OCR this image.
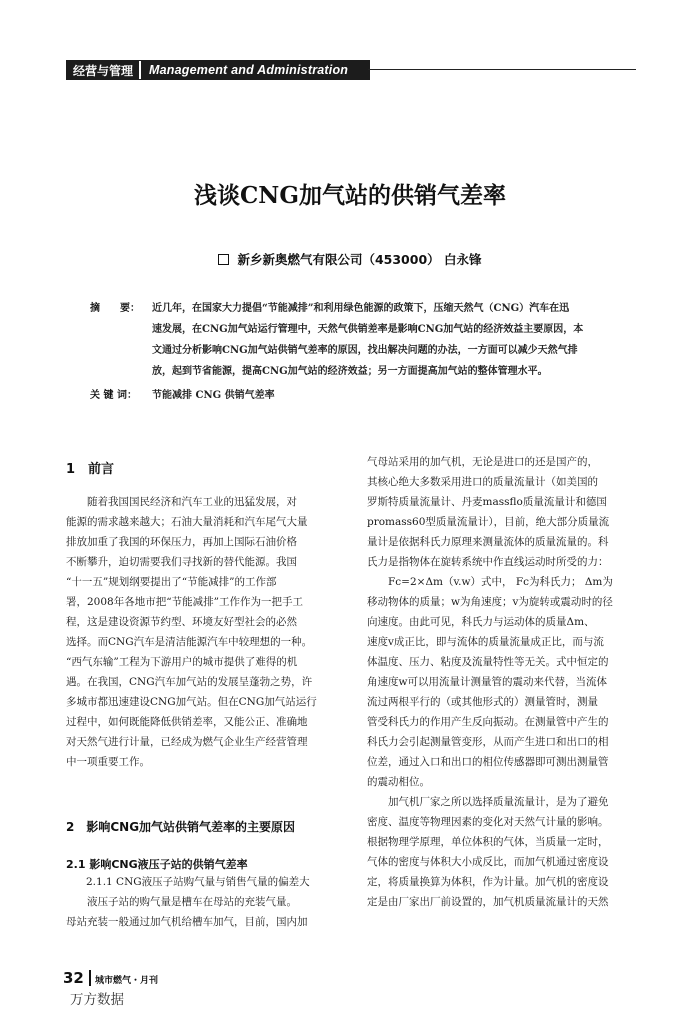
经营与管理	Management and Administration
浅谈CNG加气站的供销气差率
新乡新奥燃气有限公司（453000） 白永锋
摘　　要： 近几年，在国家大力提倡“节能减排”和利用绿色能源的政策下，压缩天然气（CNG）汽车在迅
速发展，在CNG加气站运行管理中，天然气供销差率是影响CNG加气站的经济效益主要原因，本
文通过分析影响CNG加气站供销气差率的原因，找出解决问题的办法，一方面可以减少天然气排
放，起到节省能源，提高CNG加气站的经济效益；另一方面提高加气站的整体管理水平。
关 键 词： 节能减排 CNG 供销气差率
1　前言
　　随着我国国民经济和汽车工业的迅猛发展，对
能源的需求越来越大；石油大量消耗和汽车尾气大量
排放加重了我国的环保压力，再加上国际石油价格
不断攀升，迫切需要我们寻找新的替代能源。我国
“十一五”规划纲要提出了“节能减排”的工作部
署，2008年各地市把“节能减排”工作作为一把手工
程，这是建设资源节约型、环境友好型社会的必然
选择。而CNG汽车是清洁能源汽车中较理想的一种。
“西气东输”工程为下游用户的城市提供了难得的机
遇。在我国，CNG汽车加气站的发展呈蓬勃之势，许
多城市都迅速建设CNG加气站。但在CNG加气站运行
过程中，如何既能降低供销差率，又能公正、准确地
对天然气进行计量，已经成为燃气企业生产经营管理
中一项重要工作。
2　影响CNG加气站供销气差率的主要原因
2.1 影响CNG液压子站的供销气差率
2.1.1 CNG液压子站购气量与销售气量的偏差大
　　液压子站的购气量是槽车在母站的充装气量。
母站充装一般通过加气机给槽车加气，目前，国内加
气母站采用的加气机，无论是进口的还是国产的，
其核心绝大多数采用进口的质量流量计（如美国的
罗斯特质量流量计、丹麦massflo质量流量计和德国
promass60型质量流量计），目前，绝大部分质量流
量计是依据科氏力原理来测量流体的质量流量的。科
氏力是指物体在旋转系统中作直线运动时所受的力：
　　Fc=2×Δm（v.w）式中， Fc为科氏力； Δm为
移动物体的质量；w为角速度；v为旋转或震动时的径
向速度。由此可见，科氏力与运动体的质量Δm、
速度v成正比，即与流体的质量流量成正比，而与流
体温度、压力、粘度及流量特性等无关。式中恒定的
角速度w可以用流量计测量管的震动来代替，当流体
流过两根平行的（或其他形式的）测量管时，测量
管受科氏力的作用产生反向振动。在测量管中产生的
科氏力会引起测量管变形，从而产生进口和出口的相
位差，通过入口和出口的相位传感器即可测出测量管
的震动相位。
　　加气机厂家之所以选择质量流量计，是为了避免
密度、温度等物理因素的变化对天然气计量的影响。
根据物理学原理，单位体积的气体，当质量一定时，
气体的密度与体积大小成反比，而加气机通过密度设
定，将质量换算为体积，作为计量。加气机的密度设
定是由厂家出厂前设置的，加气机质量流量计的天然
32 城市燃气・月刊
万方数据
